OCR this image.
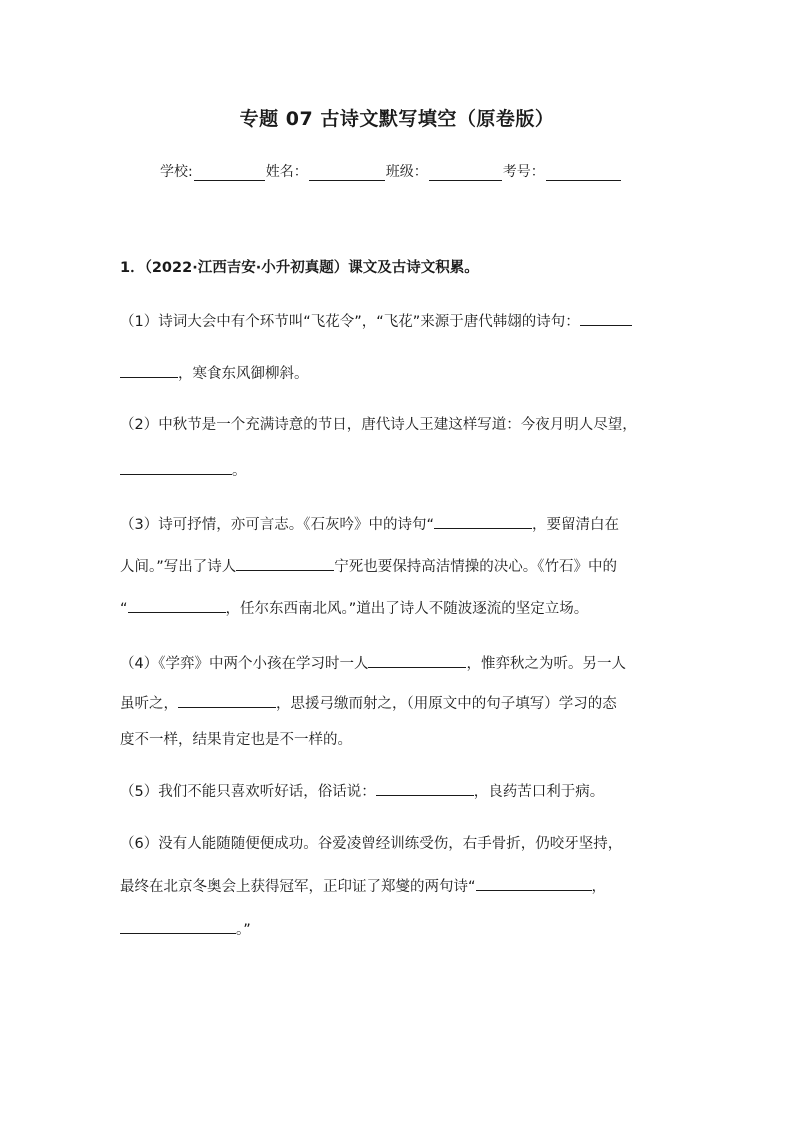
专题 07 古诗文默写填空（原卷版）
学校:	姓名：	班级：	考号：
1．（2022·江西吉安·小升初真题）课文及古诗文积累。
（1）诗词大会中有个环节叫“飞花令”，“飞花”来源于唐代韩翃的诗句：
，寒食东风御柳斜。
（2）中秋节是一个充满诗意的节日，唐代诗人王建这样写道：今夜月明人尽望，
。
（3）诗可抒情，亦可言志。《石灰吟》中的诗句“	，要留清白在
人间。”写出了诗人	宁死也要保持高洁情操的决心。《竹石》中的
“	，任尔东西南北风。”道出了诗人不随波逐流的坚定立场。
（4）《学弈》中两个小孩在学习时一人	，惟弈秋之为听。另一人
虽听之，	，思援弓缴而射之，（用原文中的句子填写）学习的态
度不一样，结果肯定也是不一样的。
（5）我们不能只喜欢听好话，俗话说：	，良药苦口利于病。
（6）没有人能随随便便成功。谷爱凌曾经训练受伤，右手骨折，仍咬牙坚持，
最终在北京冬奥会上获得冠军，正印证了郑燮的两句诗“	，
。”
